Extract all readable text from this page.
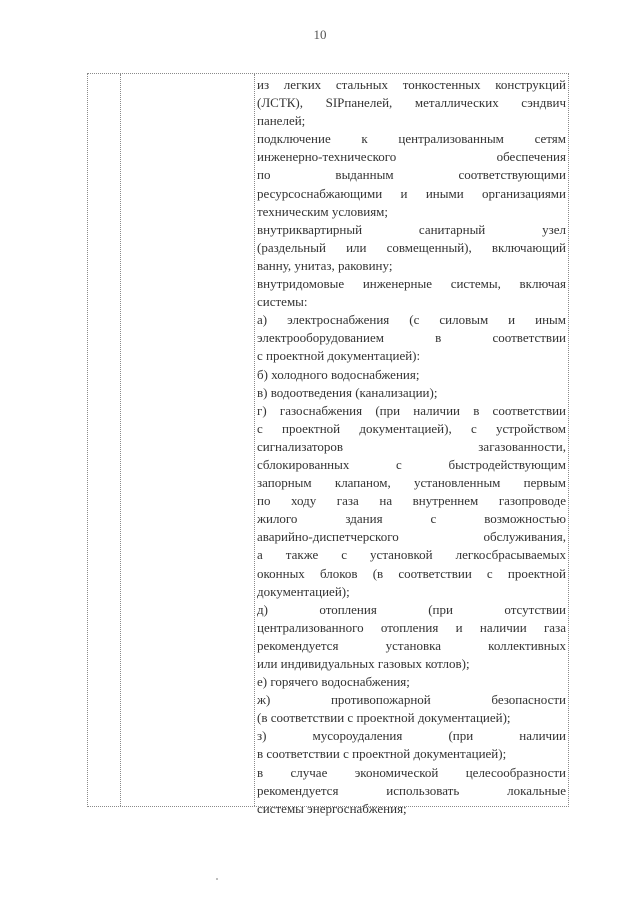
10
из легких стальных тонкостенных конструкций
(ЛСТК), SIPпанелей, металлических сэндвич
панелей;
подключение к централизованным сетям
инженерно-технического обеспечения
по выданным соответствующими
ресурсоснабжающими и иными организациями
техническим условиям;
внутриквартирный санитарный узел
(раздельный или совмещенный), включающий
ванну, унитаз, раковину;
внутридомовые инженерные системы, включая
системы:
а) электроснабжения (с силовым и иным
электрооборудованием в соответствии
с проектной документацией):
б) холодного водоснабжения;
в) водоотведения (канализации);
г) газоснабжения (при наличии в соответствии
с проектной документацией), с устройством
сигнализаторов загазованности,
сблокированных с быстродействующим
запорным клапаном, установленным первым
по ходу газа на внутреннем газопроводе
жилого здания с возможностью
аварийно-диспетчерского обслуживания,
а также с установкой легкосбрасываемых
оконных блоков (в соответствии с проектной
документацией);
д) отопления (при отсутствии
централизованного отопления и наличии газа
рекомендуется установка коллективных
или индивидуальных газовых котлов);
е) горячего водоснабжения;
ж) противопожарной безопасности
(в соответствии с проектной документацией);
з) мусороудаления (при наличии
в соответствии с проектной документацией);
в случае экономической целесообразности
рекомендуется использовать локальные
системы энергоснабжения;
